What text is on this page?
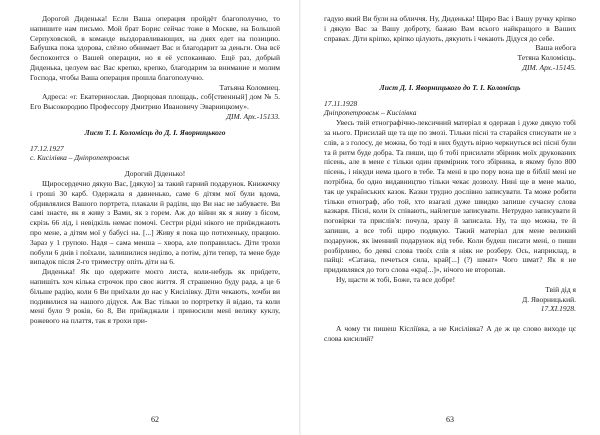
Дорогой Диденька! Если Ваша операция пройдёт благополучно, то напишите нам письмо. Мой брат Борис сейчас тоже в Москве, на Большой Серпуховской, в команде выздоравливающих, на днях едет на позицию. Бабушка пока здорова, слёзно обнимает Вас и благодарит за деньги. Она всё беспокоится о Вашей операции, но я её успокаиваю. Ещё раз, добрый Диденька, целуем вас Вас крепко, крепко, благодарим за внимание и молим Господа, чтобы Ваша операция прошла благополучно.

Татьяна Коломиец.

Адреса: «г. Екатеринослав. Дворцовая площадь, соб[ственный] дом № 5. Его Высокородию Профессору Дмитрию Ивановичу Эварницкому».

ДІМ. Арх.-15133.

Лист Т. І. Коломієць до Д. І. Яворницького

17.12.1927

с. Кисілівка – Дніпропетровськ

Дорогий Діденько!

Щиросердечно дякую Вас, [дякую] за такий гарний подарунок. Книжечку і гроші 30 карб. Одержала я давненько, саме 6 дітям мої були вдома, обдивлялися Вашого портрета, плакали й раділи, що Ви нас не забуваєте. Ви самі знаєте, як я живу з Вами, як з горем. Аж до війни як я живу з бiсом, скрізь 66 лiд, і невідкіль немає помочі. Сестри рідні нікого не приїжджають про мене, а дітям мої у бабусі на. [...] Живу я пока що потихеньку, працюю. Зараз у 1 групою. Надя – сама менша – хвора, але поправилась. Діти трохи побули 6 днів і поїхали, залишилися неділю, а потім, діти тепер, та мене буде випадок після 2-го триместру опіть діти на 6.

Диденька! Як що одержите моєго листа, коли-небудь як приїдете, напишіть хоч кілька строчок про своє життя. Я страшенно буду рада, а це 6 більше радію, коли 6 Ви приїхали до нас у Кисілівку. Діти чекають, хочби ви подивилися на нашого дідуся. Аж Вас тільки зо портретку й відаю, та коли мені було 9 років, 6о 8, Ви приїжджали і приносили мені велику куклу, рожевого на плаття, так я трохи при-

62

гадую який Ви були на обличчя. Ну, Диденька! Щиро Вас і Вашу ручку кріпко і дякую Вас за Вашу доброту, бажаю Вам всього найкращого в Ваших справах. Діти кріпко, кріпко цілують, дякують і чекають Дідуся до себе.

Ваша небога

Тетяна Коломієць.

ДІМ. Арх.-15145.

Лист Д. І. Яворницького до Т. І. Коломієць

17.11.1928

Дніпропетровськ – Кисілівка

Увесь твій етнографічно-лексичний матеріал я одержав і дуже дякую тобі за нього. Присилай ще та ще по змозі. Тільки пісні та старайся списувати не з слів, а з голосу, де можна, бо тоді в них будуть вірно черкнуться всі пісні були та й ритм буде добра. Та пиши, що б тобі присилати збірник моїх друкованих пісень, але в мене є тільки один примірник того збірника, в якому було 800 пісень, і нікуди нема цього в тебе. Та мені в цю пору вона ще в біблії мені не потрібна, бо одно видавництво тільки чекає дозволу. Нині ще в мене малю, так це українських казок. Казки труднo дослівно записувати. Та може робити тільки етнограф, або той, хто взагалі дуже швидко запише сучасну слова казкаря. Пісні, коли їх співають, найлегше записувати. Нетрудно записувати й поговірки та прислів'я: почула, зразу й записала. Ну, та що можна, те й запиши, а все тобі щиро подякую. Такий матеріал для мене великий подарунок, як іменний подарунок від тебе. Коли будеш писати мені, о пиши розбірливо, бо деякі слова твоїх слів я ніяк не розберу. Ось, наприклад, в пайці: «Сатана, печеться сила, край[...] (?) шмат» Чого шмат? Як я не придивлявся до того слова «кра[...]», нічого не второпав.

Ну, щасти ж тобі, Боже, та все добре!

Твій дід я

Д. Яворницький.

17.XI.1928.

А чому ти пишеш Кісліївка, а не Кисілівка? А де ж це слово виходе цє слова кисилий?

63
